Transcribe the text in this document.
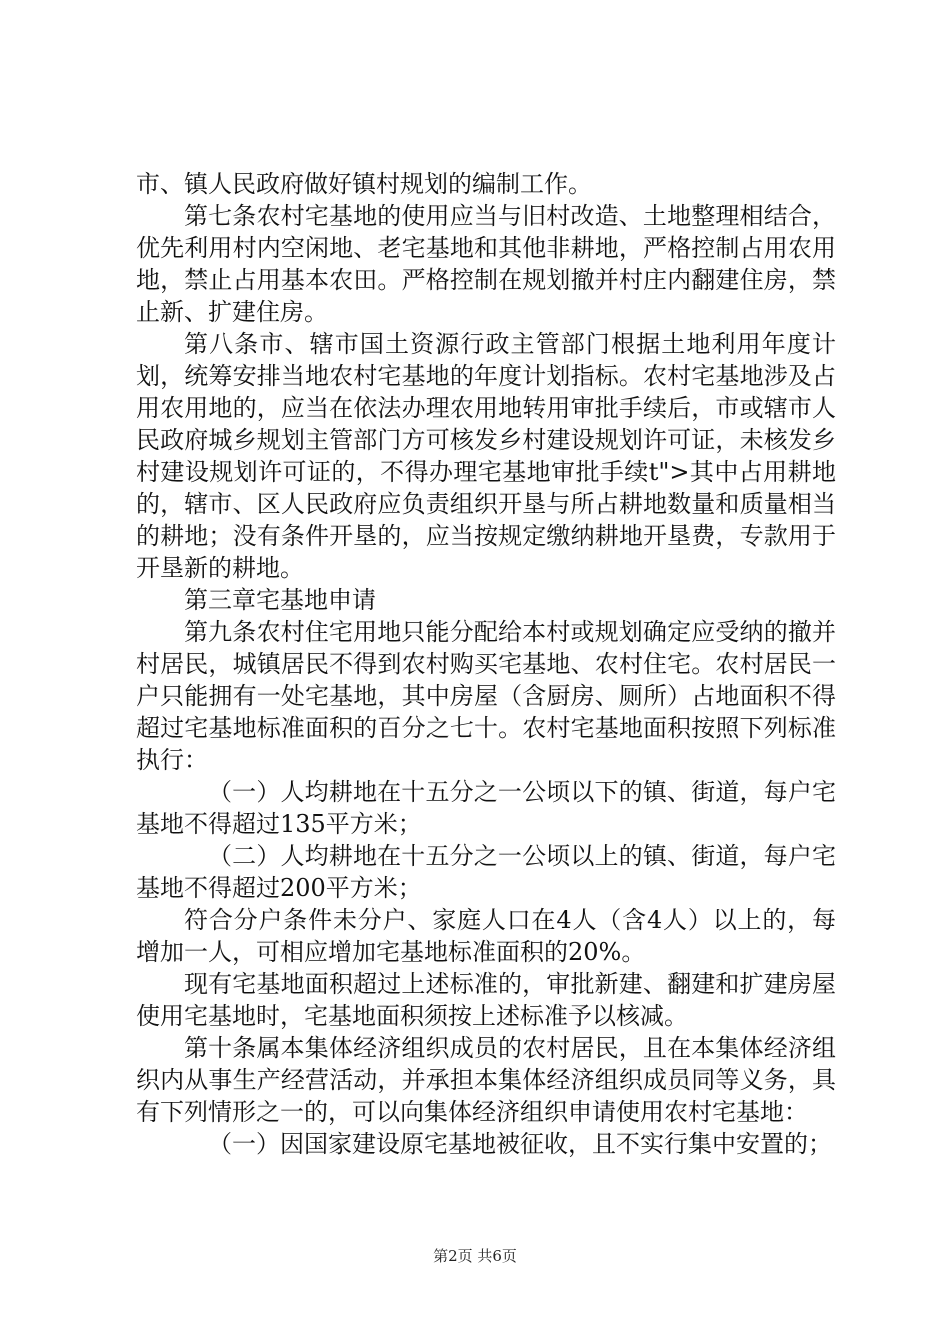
市、镇人民政府做好镇村规划的编制工作。

第七条农村宅基地的使用应当与旧村改造、土地整理相结合，优先利用村内空闲地、老宅基地和其他非耕地，严格控制占用农用地，禁止占用基本农田。严格控制在规划撤并村庄内翻建住房，禁止新、扩建住房。

第八条市、辖市国土资源行政主管部门根据土地利用年度计划，统筹安排当地农村宅基地的年度计划指标。农村宅基地涉及占用农用地的，应当在依法办理农用地转用审批手续后，市或辖市人民政府城乡规划主管部门方可核发乡村建设规划许可证，未核发乡村建设规划许可证的，不得办理宅基地审批手续t">其中占用耕地的，辖市、区人民政府应负责组织开垦与所占耕地数量和质量相当的耕地；没有条件开垦的，应当按规定缴纳耕地开垦费，专款用于开垦新的耕地。

第三章宅基地申请

第九条农村住宅用地只能分配给本村或规划确定应受纳的撤并村居民，城镇居民不得到农村购买宅基地、农村住宅。农村居民一户只能拥有一处宅基地，其中房屋（含厨房、厕所）占地面积不得超过宅基地标准面积的百分之七十。农村宅基地面积按照下列标准执行：

（一）人均耕地在十五分之一公顷以下的镇、街道，每户宅基地不得超过135平方米；

（二）人均耕地在十五分之一公顷以上的镇、街道，每户宅基地不得超过200平方米；

符合分户条件未分户、家庭人口在4人（含4人）以上的，每增加一人，可相应增加宅基地标准面积的20%。

现有宅基地面积超过上述标准的，审批新建、翻建和扩建房屋使用宅基地时，宅基地面积须按上述标准予以核减。

第十条属本集体经济组织成员的农村居民，且在本集体经济组织内从事生产经营活动，并承担本集体经济组织成员同等义务，具有下列情形之一的，可以向集体经济组织申请使用农村宅基地：

（一）因国家建设原宅基地被征收，且不实行集中安置的；

第2页 共6页
